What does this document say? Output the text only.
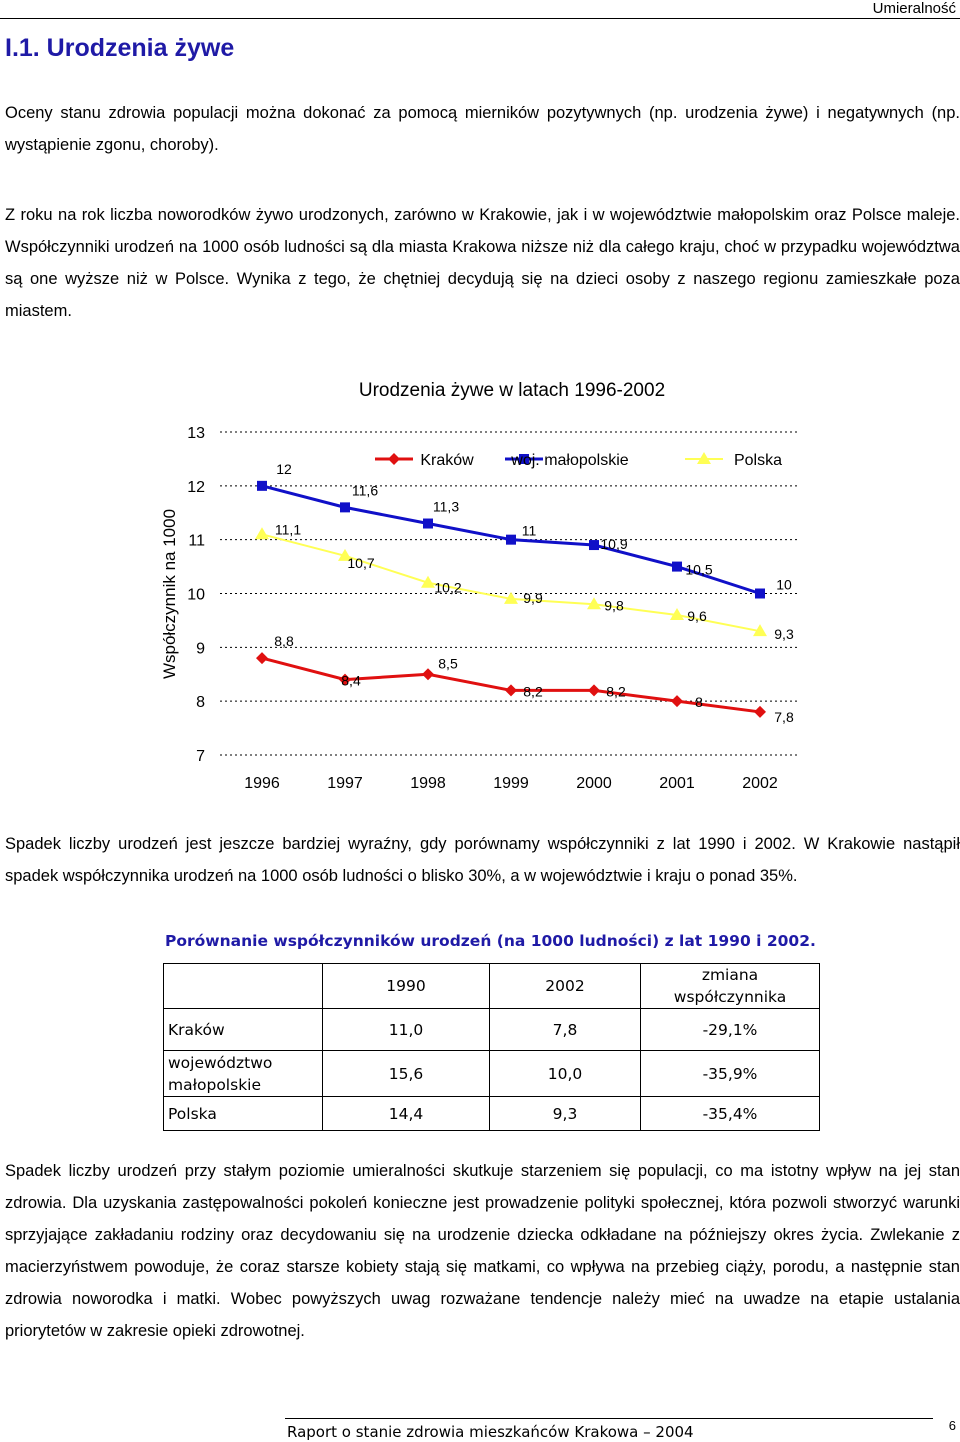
Umieralność
I.1. Urodzenia żywe
Oceny stanu zdrowia populacji można dokonać za pomocą mierników pozytywnych (np. urodzenia żywe) i negatywnych (np. wystąpienie zgonu, choroby).
Z roku na rok liczba noworodków żywo urodzonych, zarówno w Krakowie, jak i w województwie małopolskim oraz Polsce maleje. Współczynniki urodzeń na 1000 osób ludności są dla miasta Krakowa niższe niż dla całego kraju, choć w przypadku województwa są one wyższe niż w Polsce. Wynika z tego, że chętniej decydują się na dzieci osoby z naszego regionu zamieszkałe poza miastem.
Urodzenia żywe w latach 1996-2002
Współczynnik na 1000
7
8
9
10
11
12
13
1996	1997	1998	1999	2000	2001	2002
8,8
8,4
8,5
8,2	8,2
8
7,8
12
11,6
11,3
11
10,9
10,5
10
11,1
10,7
10,2
9,9	9,8
9,6
9,3
Kraków woj. małopolskie	Polska
Spadek liczby urodzeń jest jeszcze bardziej wyraźny, gdy porównamy współczynniki z lat 1990 i 2002. W Krakowie nastąpił spadek współczynnika urodzeń na 1000 osób ludności o blisko 30%, a w województwie i kraju o ponad 35%.
Porównanie współczynników urodzeń (na 1000 ludności) z lat 1990 i 2002.
	1990	2002	zmiana współczynnika
Kraków	11,0	7,8	-29,1%
województwo małopolskie	15,6	10,0	-35,9%
Polska	14,4	9,3	-35,4%
Spadek liczby urodzeń przy stałym poziomie umieralności skutkuje starzeniem się populacji, co ma istotny wpływ na jej stan zdrowia. Dla uzyskania zastępowalności pokoleń konieczne jest prowadzenie polityki społecznej, która pozwoli stworzyć warunki sprzyjające zakładaniu rodziny oraz decydowaniu się na urodzenie dziecka odkładane na późniejszy okres życia. Zwlekanie z macierzyństwem powoduje, że coraz starsze kobiety stają się matkami, co wpływa na przebieg ciąży, porodu, a następnie stan zdrowia noworodka i matki. Wobec powyższych uwag rozważane tendencje należy mieć na uwadze na etapie ustalania priorytetów w zakresie opieki zdrowotnej.
Raport o stanie zdrowia mieszkańców Krakowa – 2004	6
